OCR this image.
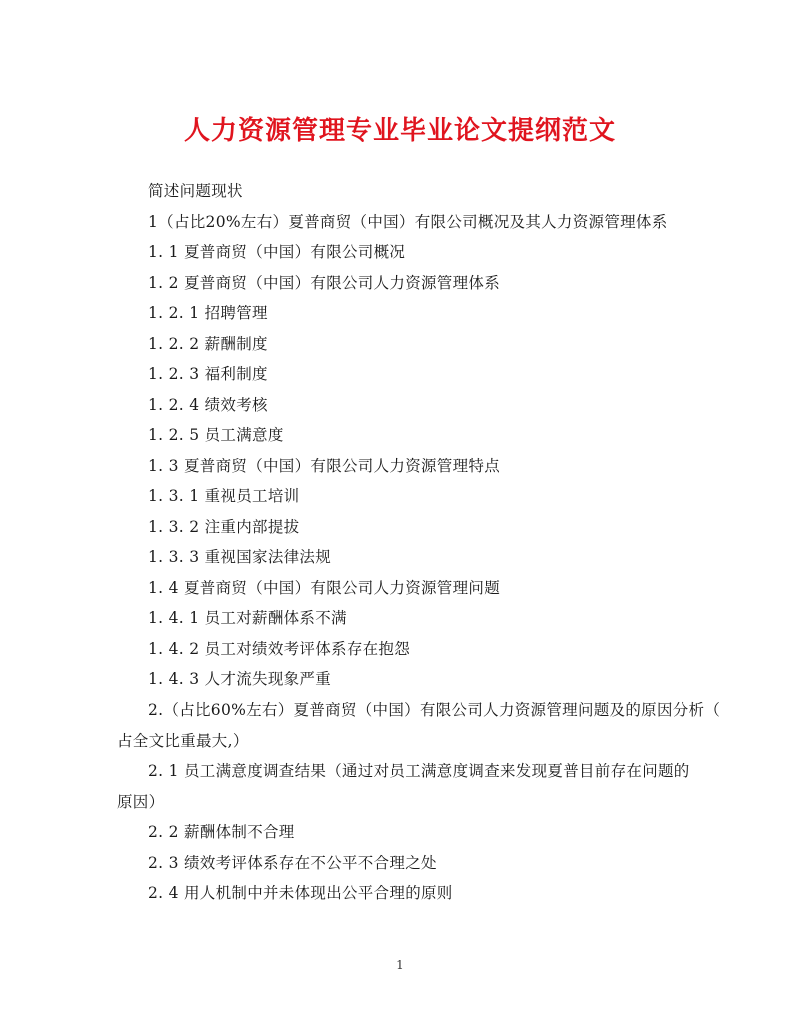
人力资源管理专业毕业论文提纲范文
简述问题现状
1（占比20%左右）夏普商贸（中国）有限公司概况及其人力资源管理体系
1. 1 夏普商贸（中国）有限公司概况
1. 2 夏普商贸（中国）有限公司人力资源管理体系
1. 2. 1 招聘管理
1. 2. 2 薪酬制度
1. 2. 3 福利制度
1. 2. 4 绩效考核
1. 2. 5 员工满意度
1. 3 夏普商贸（中国）有限公司人力资源管理特点
1. 3. 1 重视员工培训
1. 3. 2 注重内部提拔
1. 3. 3 重视国家法律法规
1. 4 夏普商贸（中国）有限公司人力资源管理问题
1. 4. 1 员工对薪酬体系不满
1. 4. 2 员工对绩效考评体系存在抱怨
1. 4. 3 人才流失现象严重
2.（占比60%左右）夏普商贸（中国）有限公司人力资源管理问题及的原因分析（
占全文比重最大,）
2. 1 员工满意度调查结果（通过对员工满意度调查来发现夏普目前存在问题的
原因）
2. 2 薪酬体制不合理
2. 3 绩效考评体系存在不公平不合理之处
2. 4 用人机制中并未体现出公平合理的原则
1
